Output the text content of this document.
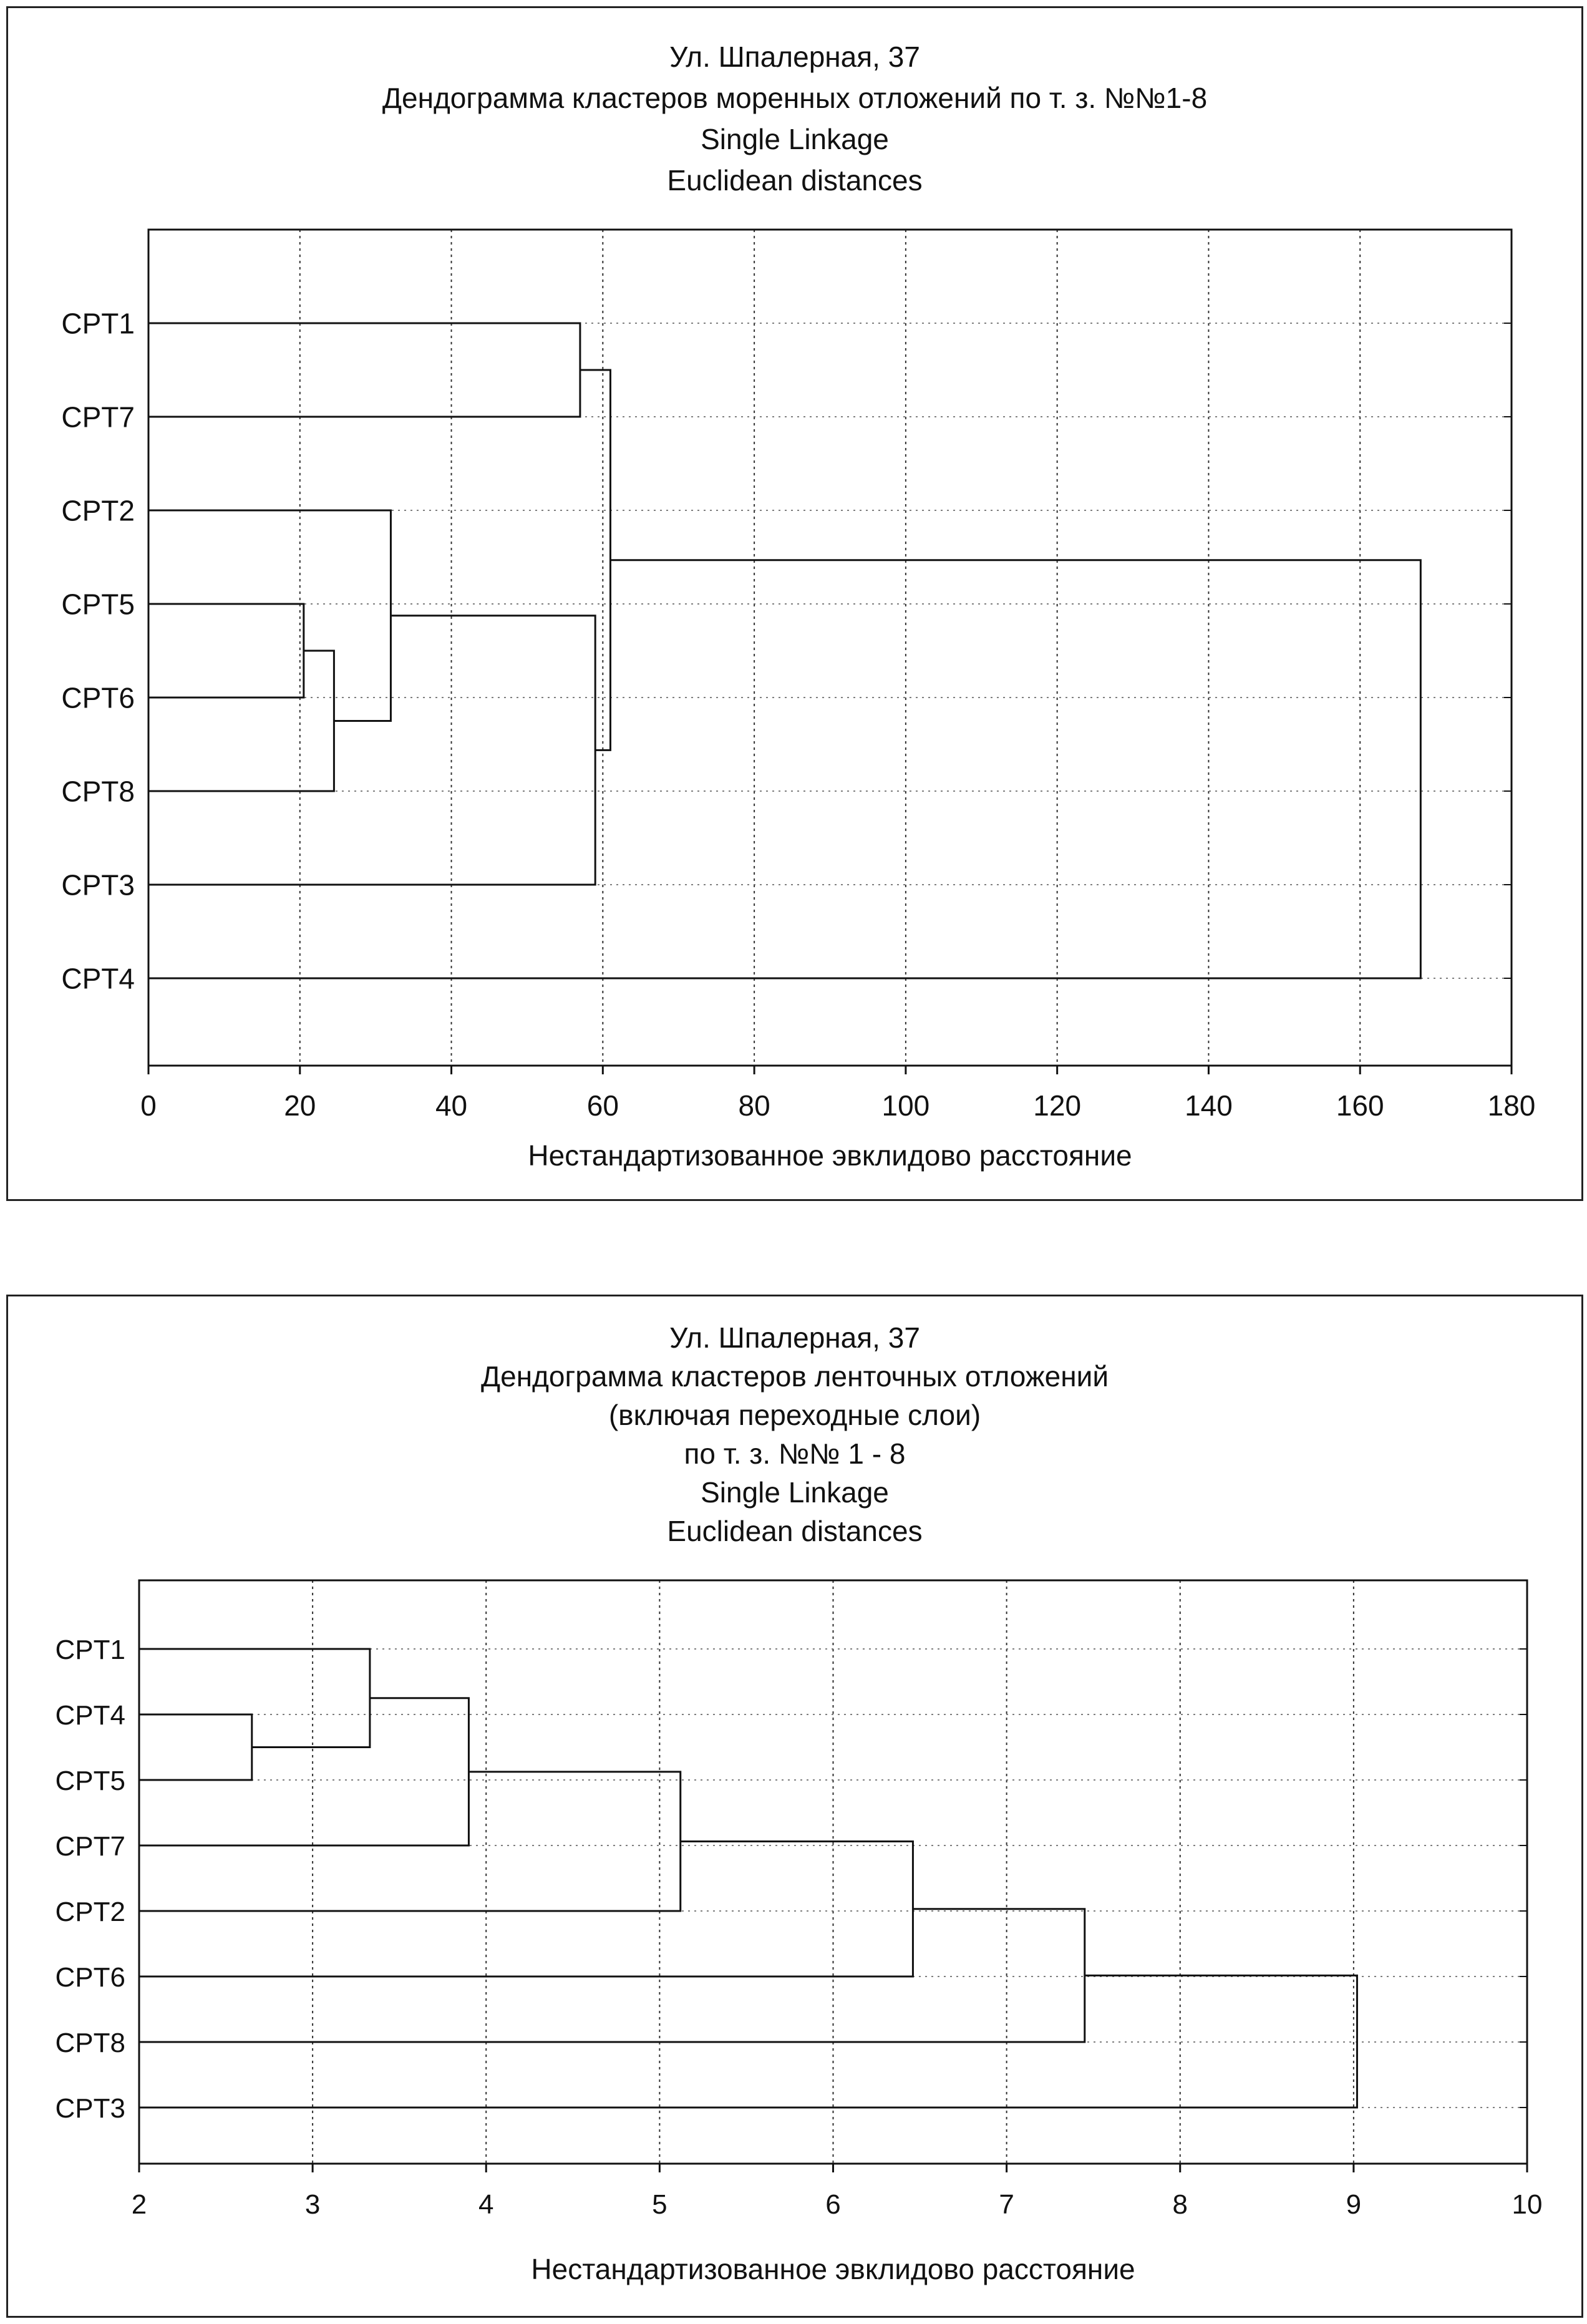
Ул. Шпалерная, 37
Дендограмма кластеров моренных отложений по т. з. №№1-8
Single Linkage
Euclidean distances
0	20	40	60	80	100	120	140	160	180
CPT1
CPT7
CPT2
CPT5
CPT6
CPT8
CPT3
CPT4
Нестандартизованное эвклидово расстояние
Ул. Шпалерная, 37
Дендограмма кластеров ленточных отложений
(включая переходные слои)
по т. з. №№ 1 - 8
Single Linkage
Euclidean distances
2	3	4	5	6	7	8	9	10
CPT1
CPT4
CPT5
CPT7
CPT2
CPT6
CPT8
CPT3
Нестандартизованное эвклидово расстояние
